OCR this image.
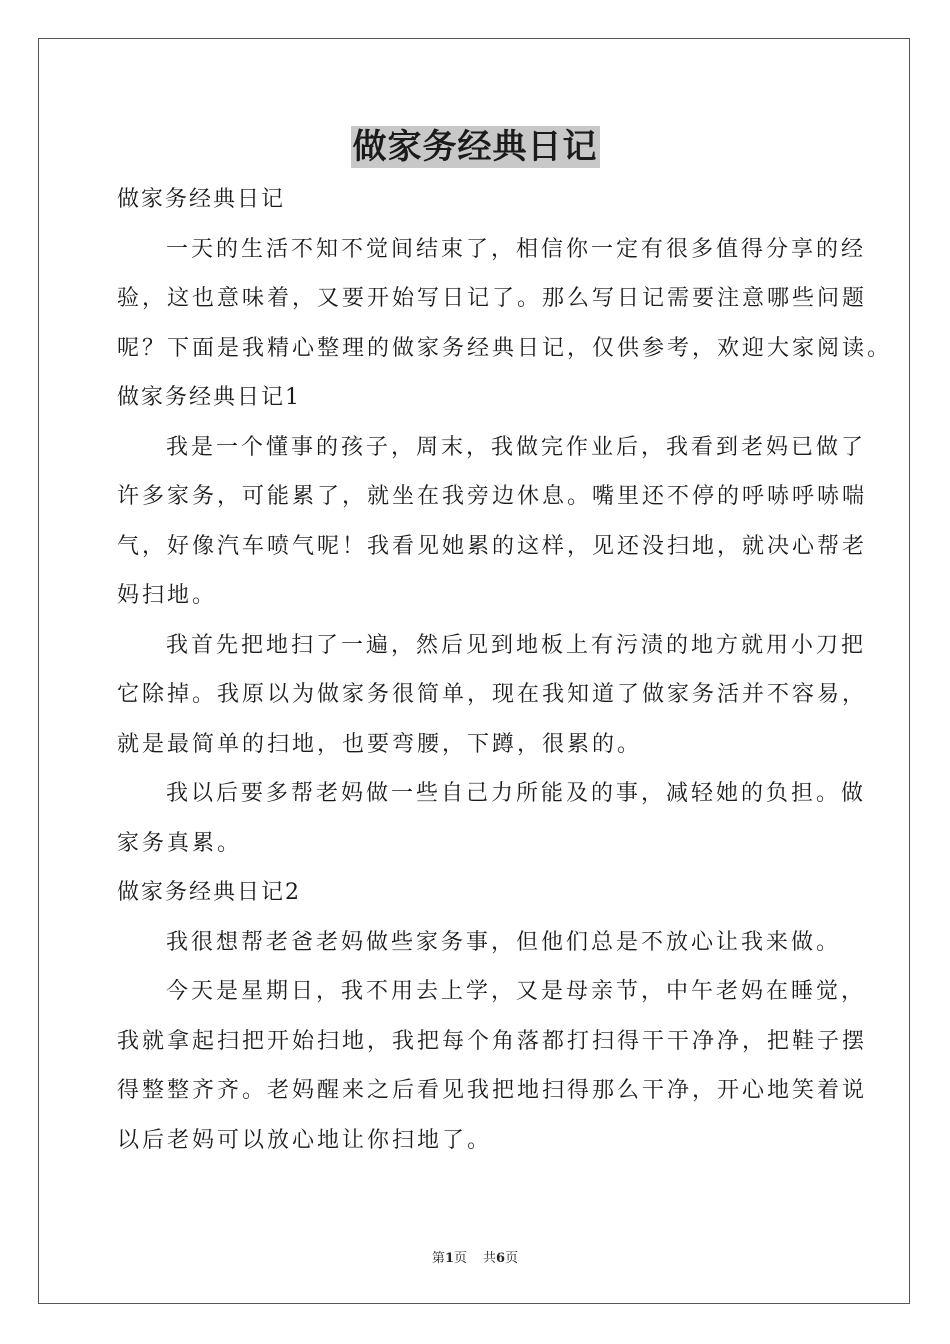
做家务经典日记
做家务经典日记
一天的生活不知不觉间结束了，相信你一定有很多值得分享的经
验，这也意味着，又要开始写日记了。那么写日记需要注意哪些问题
呢？下面是我精心整理的做家务经典日记，仅供参考，欢迎大家阅读。
做家务经典日记1
我是一个懂事的孩子，周末，我做完作业后，我看到老妈已做了
许多家务，可能累了，就坐在我旁边休息。嘴里还不停的呼哧呼哧喘
气，好像汽车喷气呢！我看见她累的这样，见还没扫地，就决心帮老
妈扫地。
我首先把地扫了一遍，然后见到地板上有污渍的地方就用小刀把
它除掉。我原以为做家务很简单，现在我知道了做家务活并不容易，
就是最简单的扫地，也要弯腰，下蹲，很累的。
我以后要多帮老妈做一些自己力所能及的事，减轻她的负担。做
家务真累。
做家务经典日记2
我很想帮老爸老妈做些家务事，但他们总是不放心让我来做。
今天是星期日，我不用去上学，又是母亲节，中午老妈在睡觉，
我就拿起扫把开始扫地，我把每个角落都打扫得干干净净，把鞋子摆
得整整齐齐。老妈醒来之后看见我把地扫得那么干净，开心地笑着说
以后老妈可以放心地让你扫地了。
第1页 共6页
